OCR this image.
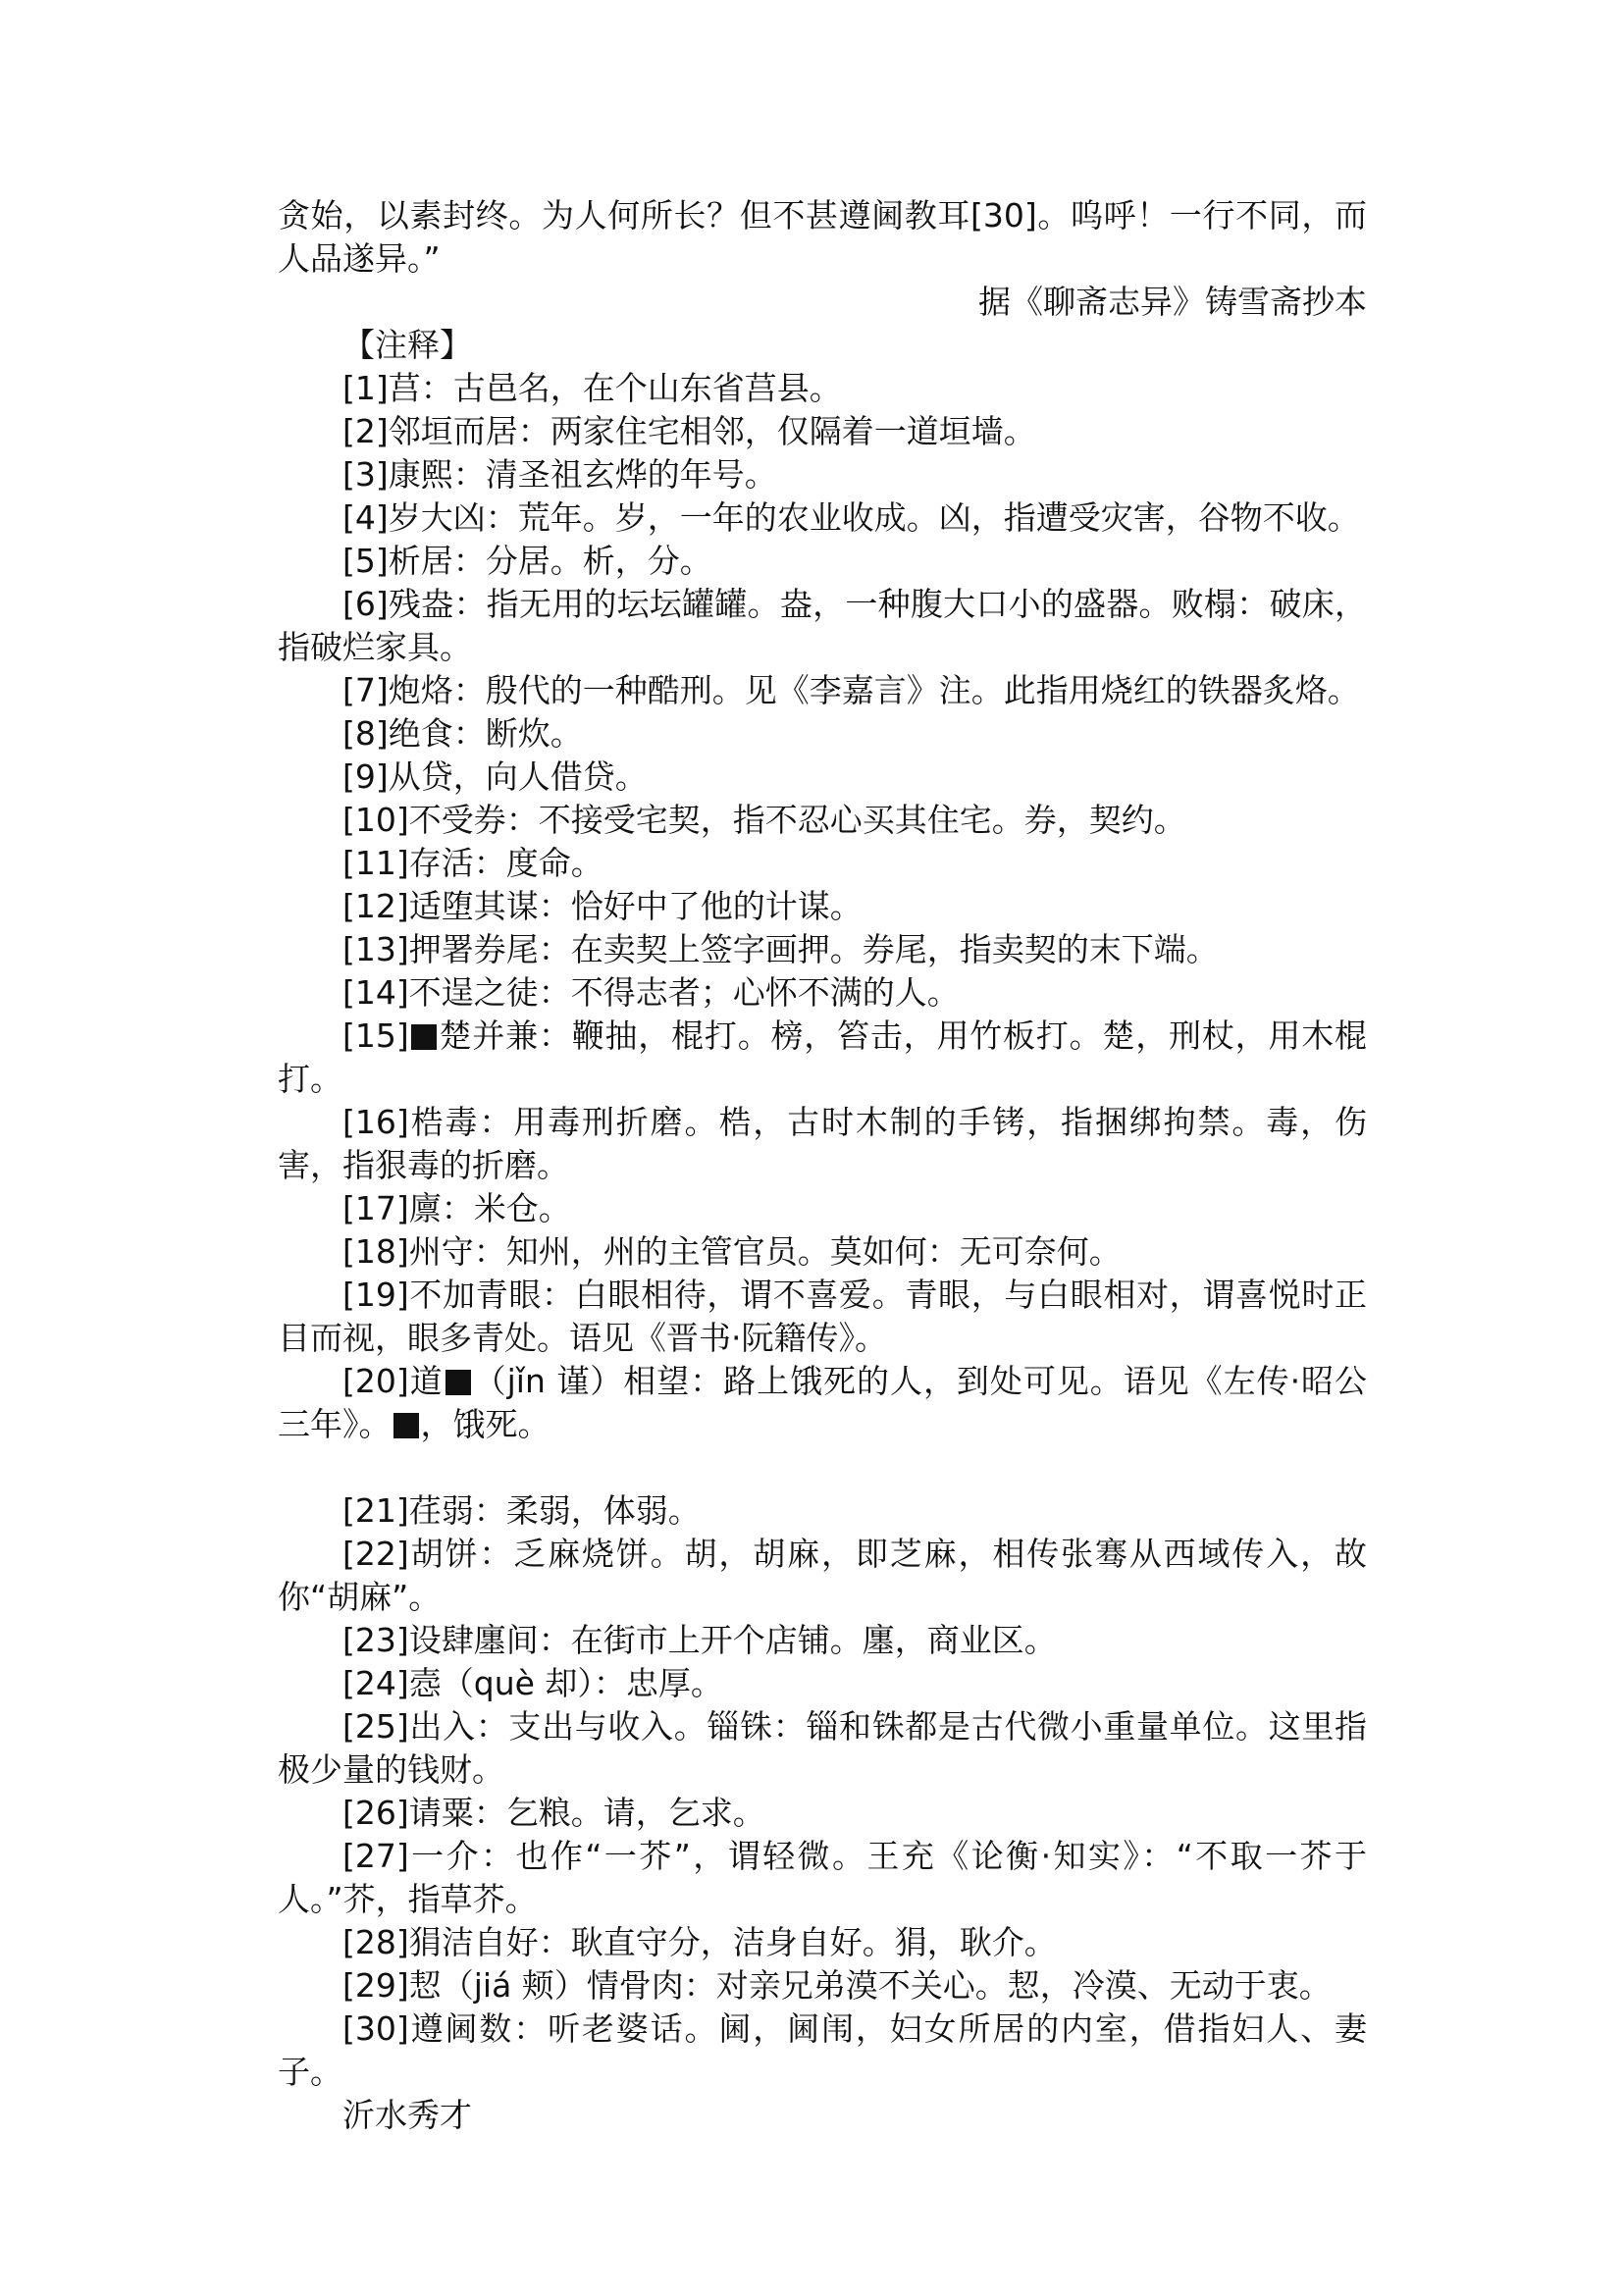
贪始，以素封终。为人何所长？但不甚遵阃教耳[30]。呜呼！一行不同，而人品遂异。”

据《聊斋志异》铸雪斋抄本

【注释】

[1]莒：古邑名，在个山东省莒县。
[2]邻垣而居：两家住宅相邻，仅隔着一道垣墙。
[3]康熙：清圣祖玄烨的年号。
[4]岁大凶：荒年。岁，一年的农业收成。凶，指遭受灾害，谷物不收。
[5]析居：分居。析，分。
[6]残盎：指无用的坛坛罐罐。盎，一种腹大口小的盛器。败榻：破床，指破烂家具。
[7]炮烙：殷代的一种酷刑。见《李嘉言》注。此指用烧红的铁器炙烙。
[8]绝食：断炊。
[9]从贷，向人借贷。
[10]不受券：不接受宅契，指不忍心买其住宅。券，契约。
[11]存活：度命。
[12]适堕其谋：恰好中了他的计谋。
[13]押署券尾：在卖契上签字画押。券尾，指卖契的末下端。
[14]不逞之徒：不得志者；心怀不满的人。
[15] 楚并兼：鞭抽，棍打。榜，笞击，用竹板打。楚，刑杖，用木棍打。
[16]梏毒：用毒刑折磨。梏，古时木制的手铐，指捆绑拘禁。毒，伤害，指狠毒的折磨。
[17]廪：米仓。
[18]州守：知州，州的主管官员。莫如何：无可奈何。
[19]不加青眼：白眼相待，谓不喜爱。青眼，与白眼相对，谓喜悦时正目而视，眼多青处。语见《晋书·阮籍传》。
[20]道 （jǐn 谨）相望：路上饿死的人，到处可见。语见《左传·昭公三年》。 ，饿死。
[21]荏弱：柔弱，体弱。
[22]胡饼：乏麻烧饼。胡，胡麻，即芝麻，相传张骞从西域传入，故你“胡麻”。
[23]设肆廛间：在街市上开个店铺。廛，商业区。
[24]悫（què 却）：忠厚。
[25]出入：支出与收入。锱铢：锱和铢都是古代微小重量单位。这里指极少量的钱财。
[26]请粟：乞粮。请，乞求。
[27]一介：也作“一芥”，谓轻微。王充《论衡·知实》：“不取一芥于人。”芥，指草芥。
[28]狷洁自好：耿直守分，洁身自好。狷，耿介。
[29]恝（jiá 颊）情骨肉：对亲兄弟漠不关心。恝，冷漠、无动于衷。
[30]遵阃数：听老婆话。阃，阃闱，妇女所居的内室，借指妇人、妻子。

沂水秀才
